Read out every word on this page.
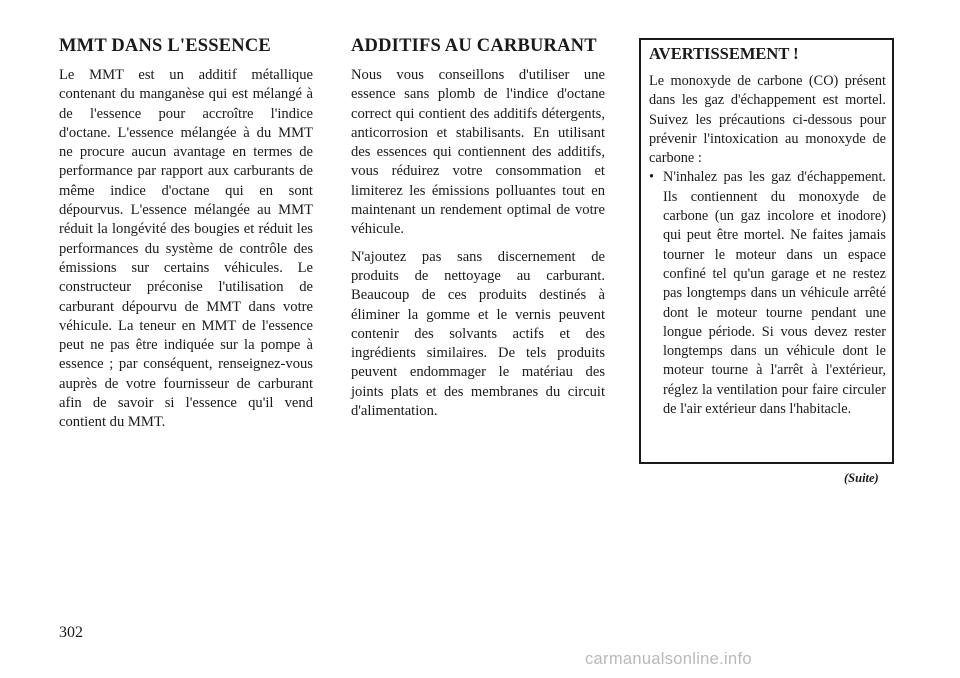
MMT DANS L'ESSENCE

Le MMT est un additif métallique contenant du manganèse qui est mélangé à de l'essence pour accroître l'indice d'octane. L'essence mélangée à du MMT ne procure aucun avantage en termes de performance par rapport aux carburants de même indice d'octane qui en sont dépourvus. L'essence mélangée au MMT réduit la longévité des bougies et réduit les performances du système de contrôle des émissions sur certains véhicules. Le constructeur préconise l'utilisation de carburant dépourvu de MMT dans votre véhicule. La teneur en MMT de l'essence peut ne pas être indiquée sur la pompe à essence ; par conséquent, renseignez-vous auprès de votre fournisseur de carburant afin de savoir si l'essence qu'il vend contient du MMT.

ADDITIFS AU CARBURANT

Nous vous conseillons d'utiliser une essence sans plomb de l'indice d'octane correct qui contient des additifs détergents, anticorrosion et stabilisants. En utilisant des essences qui contiennent des additifs, vous réduirez votre consommation et limiterez les émissions polluantes tout en maintenant un rendement optimal de votre véhicule.

N'ajoutez pas sans discernement de produits de nettoyage au carburant. Beaucoup de ces produits destinés à éliminer la gomme et le vernis peuvent contenir des solvants actifs et des ingrédients similaires. De tels produits peuvent endommager le matériau des joints plats et des membranes du circuit d'alimentation.

AVERTISSEMENT !

Le monoxyde de carbone (CO) présent dans les gaz d'échappement est mortel. Suivez les précautions ci-dessous pour prévenir l'intoxication au monoxyde de carbone :

• N'inhalez pas les gaz d'échappement. Ils contiennent du monoxyde de carbone (un gaz incolore et inodore) qui peut être mortel. Ne faites jamais tourner le moteur dans un espace confiné tel qu'un garage et ne restez pas longtemps dans un véhicule arrêté dont le moteur tourne pendant une longue période. Si vous devez rester longtemps dans un véhicule dont le moteur tourne à l'arrêt à l'extérieur, réglez la ventilation pour faire circuler de l'air extérieur dans l'habitacle.
(Suite)
302
carmanualsonline.info
